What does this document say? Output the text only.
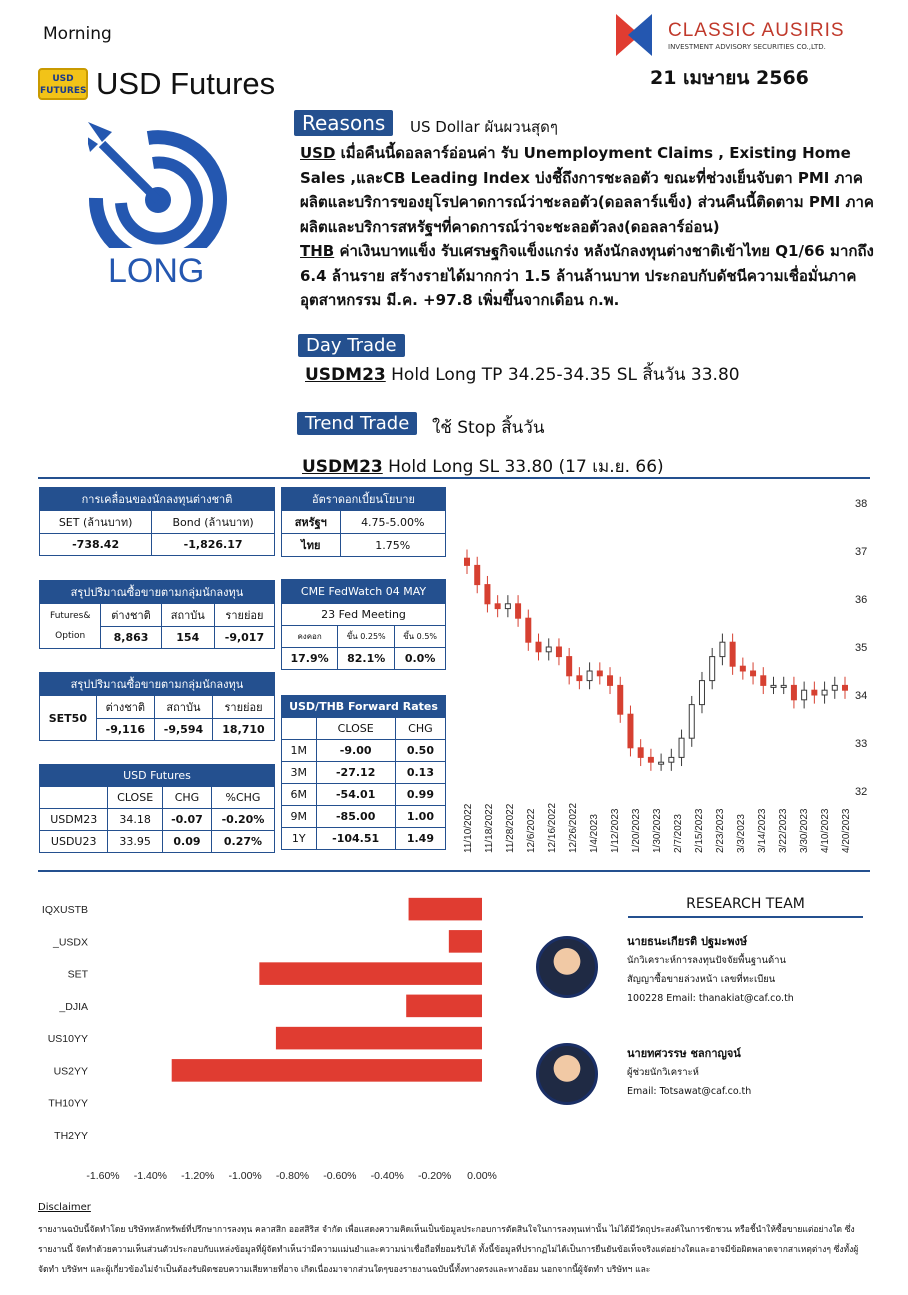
Morning
USD FUTURES USD Futures
CLASSIC AUSIRIS
INVESTMENT ADVISORY SECURITIES CO.,LTD.
21 เมษายน 2566
LONG
Reasons	US Dollar ผันผวนสุดๆ
USD เมื่อคืนนี้ดอลลาร์อ่อนค่า รับ Unemployment Claims , Existing Home Sales ,และCB Leading Index บ่งชี้ถึงการชะลอตัว ขณะที่ช่วงเย็นจับตา PMI ภาคผลิตและบริการของยุโรปคาดการณ์ว่าชะลอตัว(ดอลลาร์แข็ง) ส่วนคืนนี้ติดตาม PMI ภาคผลิตและบริการสหรัฐฯที่คาดการณ์ว่าจะชะลอตัวลง(ดอลลาร์อ่อน)
THB ค่าเงินบาทแข็ง รับเศรษฐกิจแข็งแกร่ง หลังนักลงทุนต่างชาติเข้าไทย Q1/66 มากถึง 6.4 ล้านราย สร้างรายได้มากกว่า 1.5 ล้านล้านบาท ประกอบกับดัชนีความเชื่อมั่นภาคอุตสาหกรรม มี.ค. +97.8 เพิ่มขึ้นจากเดือน ก.พ.
Day Trade
USDM23 Hold Long TP 34.25-34.35 SL สิ้นวัน 33.80
Trend Trade	ใช้ Stop สิ้นวัน
USDM23 Hold Long SL 33.80 (17 เม.ย. 66)
การเคลื่อนของนักลงทุนต่างชาติ	
SET (ล้านบาท)	Bond (ล้านบาท)
-738.42	-1,826.17
อัตราดอกเบี้ยนโยบาย	
สหรัฐฯ	4.75-5.00%
ไทย	1.75%
สรุปปริมาณซื้อขายตามกลุ่มนักลงทุน			
Futures&
Option	ต่างชาติ	สถาบัน	รายย่อย
	8,863	154	-9,017
CME FedWatch 04 MAY		
23 Fed Meeting		
คงคอก	ขึ้น 0.25%	ขึ้น 0.5%
17.9%	82.1%	0.0%
สรุปปริมาณซื้อขายตามกลุ่มนักลงทุน			
SET50	ต่างชาติ	สถาบัน	รายย่อย
	-9,116	-9,594	18,710
USD/THB Forward Rates		
	CLOSE	CHG
1M	-9.00	0.50
3M	-27.12	0.13
6M	-54.01	0.99
9M	-85.00	1.00
1Y	-104.51	1.49
USD Futures			
	CLOSE	CHG	%CHG
USDM23	34.18	-0.07	-0.20%
USDU23	33.95	0.09	0.27%
38
37
36
35
34
33
32
11/10/2022 11/18/2022 11/28/2022 12/6/2022 12/16/2022 12/26/2022 1/4/2023 1/12/2023 1/20/2023 1/30/2023 2/7/2023 2/15/2023 2/23/2023 3/3/2023 3/14/2023 3/22/2023 3/30/2023 4/10/2023 4/20/2023
IQXUSTB
_USDX
SET
_DJIA
US10YY
US2YY
TH10YY
TH2YY
-1.60% -1.40% -1.20% -1.00% -0.80% -0.60% -0.40% -0.20% 0.00%
RESEARCH TEAM
นายธนะเกียรติ ปฐมะพงษ์
นักวิเคราะห์การลงทุนปัจจัยพื้นฐานด้าน
สัญญาซื้อขายล่วงหน้า เลขที่ทะเบียน
100228 Email: thanakiat@caf.co.th
นายทศวรรษ ชลกาญจน์
ผู้ช่วยนักวิเคราะห์
Email: Totsawat@caf.co.th
Disclaimer
รายงานฉบับนี้จัดทำโดย บริษัทหลักทรัพย์ที่ปรึกษาการลงทุน คลาสสิก ออสสิริส จำกัด เพื่อแสดงความคิดเห็นเป็นข้อมูลประกอบการตัดสินใจในการลงทุนเท่านั้น ไม่ได้มีวัตถุประสงค์ในการชักชวน หรือชี้นำให้ซื้อขายแต่อย่างใด ซึ่งรายงานนี้ จัดทำด้วยความเห็นส่วนตัวประกอบกับแหล่งข้อมูลที่ผู้จัดทำเห็นว่ามีความแม่นยำและความน่าเชื่อถือที่ยอมรับได้ ทั้งนี้ข้อมูลที่ปรากฏไม่ได้เป็นการยืนยันข้อเท็จจริงแต่อย่างใดและอาจมีข้อผิดพลาดจากสาเหตุต่างๆ ซึ่งทั้งผู้จัดทำ บริษัทฯ และผู้เกี่ยวข้องไม่จำเป็นต้องรับผิดชอบความเสียหายที่อาจ เกิดเนื่องมาจากส่วนใดๆของรายงานฉบับนี้ทั้งทางตรงและทางอ้อม นอกจากนี้ผู้จัดทำ บริษัทฯ และ
